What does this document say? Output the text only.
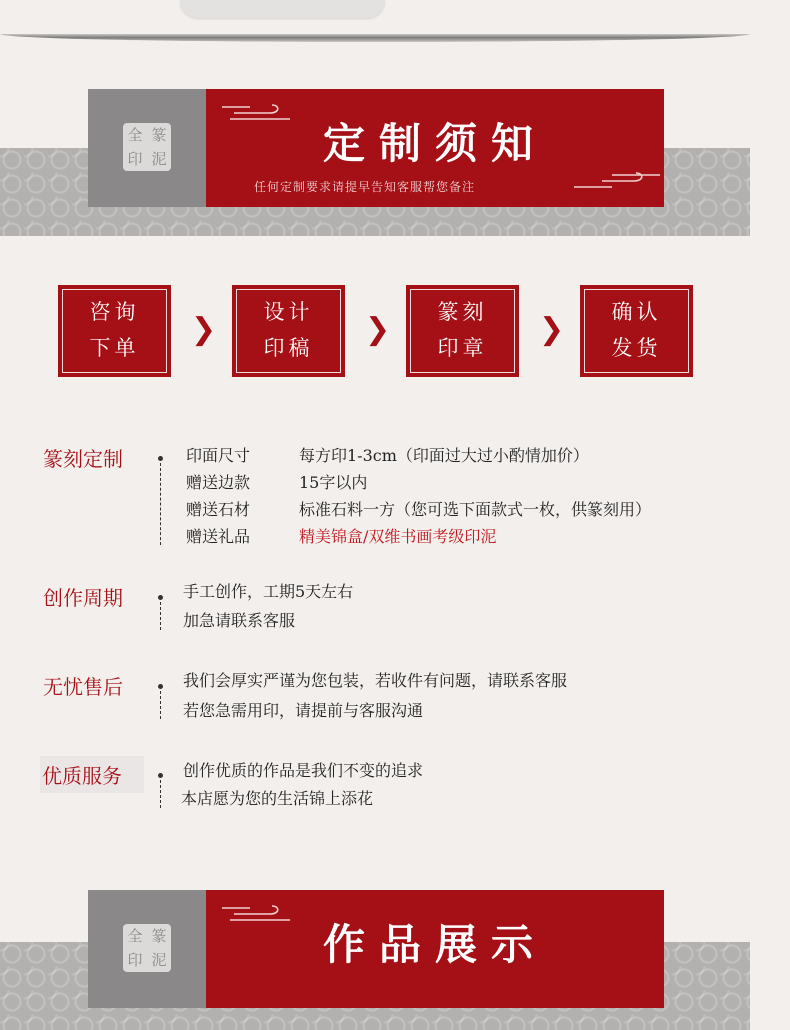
全 篆
印 泥	定制须知
任何定制要求请提早告知客服帮您备注
咨询
下单
❯	设计
印稿
❯	篆刻
印章
❯	确认
发货
篆刻定制	印面尺寸	每方印1-3cm（印面过大过小酌情加价）
赠送边款	15字以内
赠送石材	标准石料一方（您可选下面款式一枚，供篆刻用）
赠送礼品	精美锦盒/双维书画考级印泥
创作周期	手工创作，工期5天左右
加急请联系客服
无忧售后	我们会厚实严谨为您包装，若收件有问题，请联系客服
若您急需用印，请提前与客服沟通
优质服务	创作优质的作品是我们不变的追求
本店愿为您的生活锦上添花
全 篆
印 泥	作品展示
